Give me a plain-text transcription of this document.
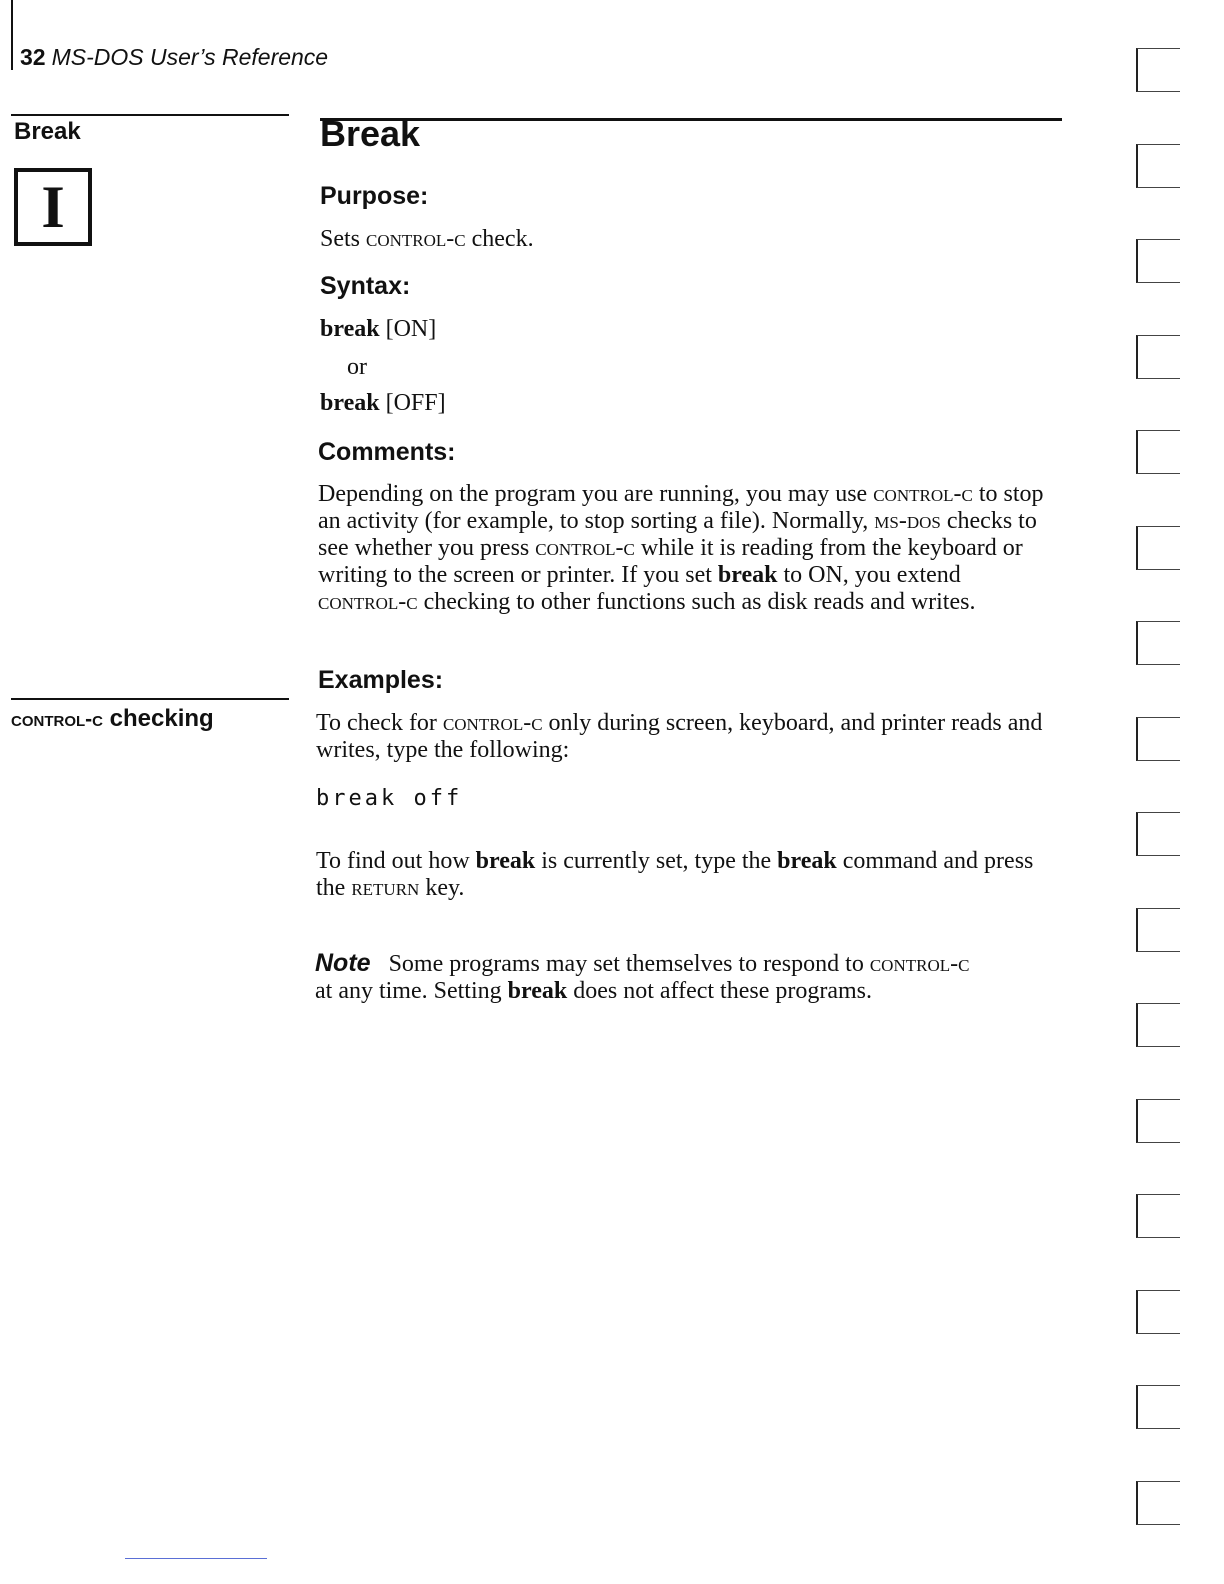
32 MS-DOS User’s Reference
Break
I
control-c checking
Break
Purpose:
Sets control-c check.
Syntax:
break [ON]
or
break [OFF]
Comments:
Depending on the program you are running, you may use control-c to stop an activity (for example, to stop sorting a file). Normally, ms-dos checks to see whether you press control-c while it is reading from the keyboard or writing to the screen or printer. If you set break to ON, you extend control-c checking to other functions such as disk reads and writes.
Examples:
To check for control-c only during screen, keyboard, and printer reads and writes, type the following:
break off
To find out how break is currently set, type the break command and press the return key.
Note Some programs may set themselves to respond to control-c at any time. Setting break does not affect these programs.
